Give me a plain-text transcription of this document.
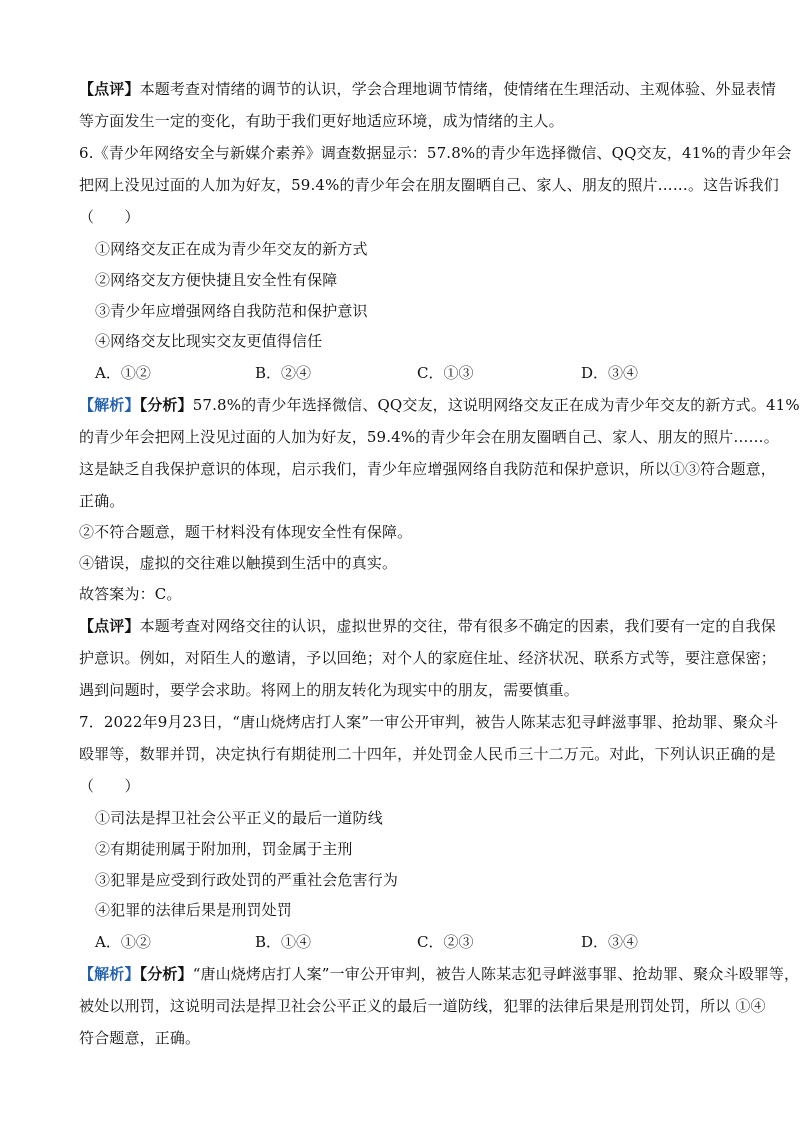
【点评】本题考查对情绪的调节的认识，学会合理地调节情绪，使情绪在生理活动、主观体验、外显表情
等方面发生一定的变化，有助于我们更好地适应环境，成为情绪的主人。
6.《青少年网络安全与新媒介素养》调查数据显示：57.8%的青少年选择微信、QQ交友，41%的青少年会
把网上没见过面的人加为好友，59.4%的青少年会在朋友圈晒自己、家人、朋友的照片……。这告诉我们
（　　）
①网络交友正在成为青少年交友的新方式
②网络交友方便快捷且安全性有保障
③青少年应增强网络自我防范和保护意识
④网络交友比现实交友更值得信任
A．①②	B．②④	C．①③	D．③④
【解析】【分析】57.8%的青少年选择微信、QQ交友，这说明网络交友正在成为青少年交友的新方式。41%
的青少年会把网上没见过面的人加为好友，59.4%的青少年会在朋友圈晒自己、家人、朋友的照片……。
这是缺乏自我保护意识的体现，启示我们，青少年应增强网络自我防范和保护意识，所以①③符合题意，
正确。
②不符合题意，题干材料没有体现安全性有保障。
④错误，虚拟的交往难以触摸到生活中的真实。
故答案为：C。
【点评】本题考查对网络交往的认识，虚拟世界的交往，带有很多不确定的因素，我们要有一定的自我保
护意识。例如，对陌生人的邀请，予以回绝；对个人的家庭住址、经济状况、联系方式等，要注意保密；
遇到问题时，要学会求助。将网上的朋友转化为现实中的朋友，需要慎重。
7．2022年9月23日，“唐山烧烤店打人案”一审公开审判，被告人陈某志犯寻衅滋事罪、抢劫罪、聚众斗
殴罪等，数罪并罚，决定执行有期徒刑二十四年，并处罚金人民币三十二万元。对此，下列认识正确的是
（　　）
①司法是捍卫社会公平正义的最后一道防线
②有期徒刑属于附加刑，罚金属于主刑
③犯罪是应受到行政处罚的严重社会危害行为
④犯罪的法律后果是刑罚处罚
A．①②	B．①④	C．②③	D．③④
【解析】【分析】“唐山烧烤店打人案”一审公开审判，被告人陈某志犯寻衅滋事罪、抢劫罪、聚众斗殴罪等，
被处以刑罚，这说明司法是捍卫社会公平正义的最后一道防线，犯罪的法律后果是刑罚处罚，所以 ①④
符合题意，正确。
